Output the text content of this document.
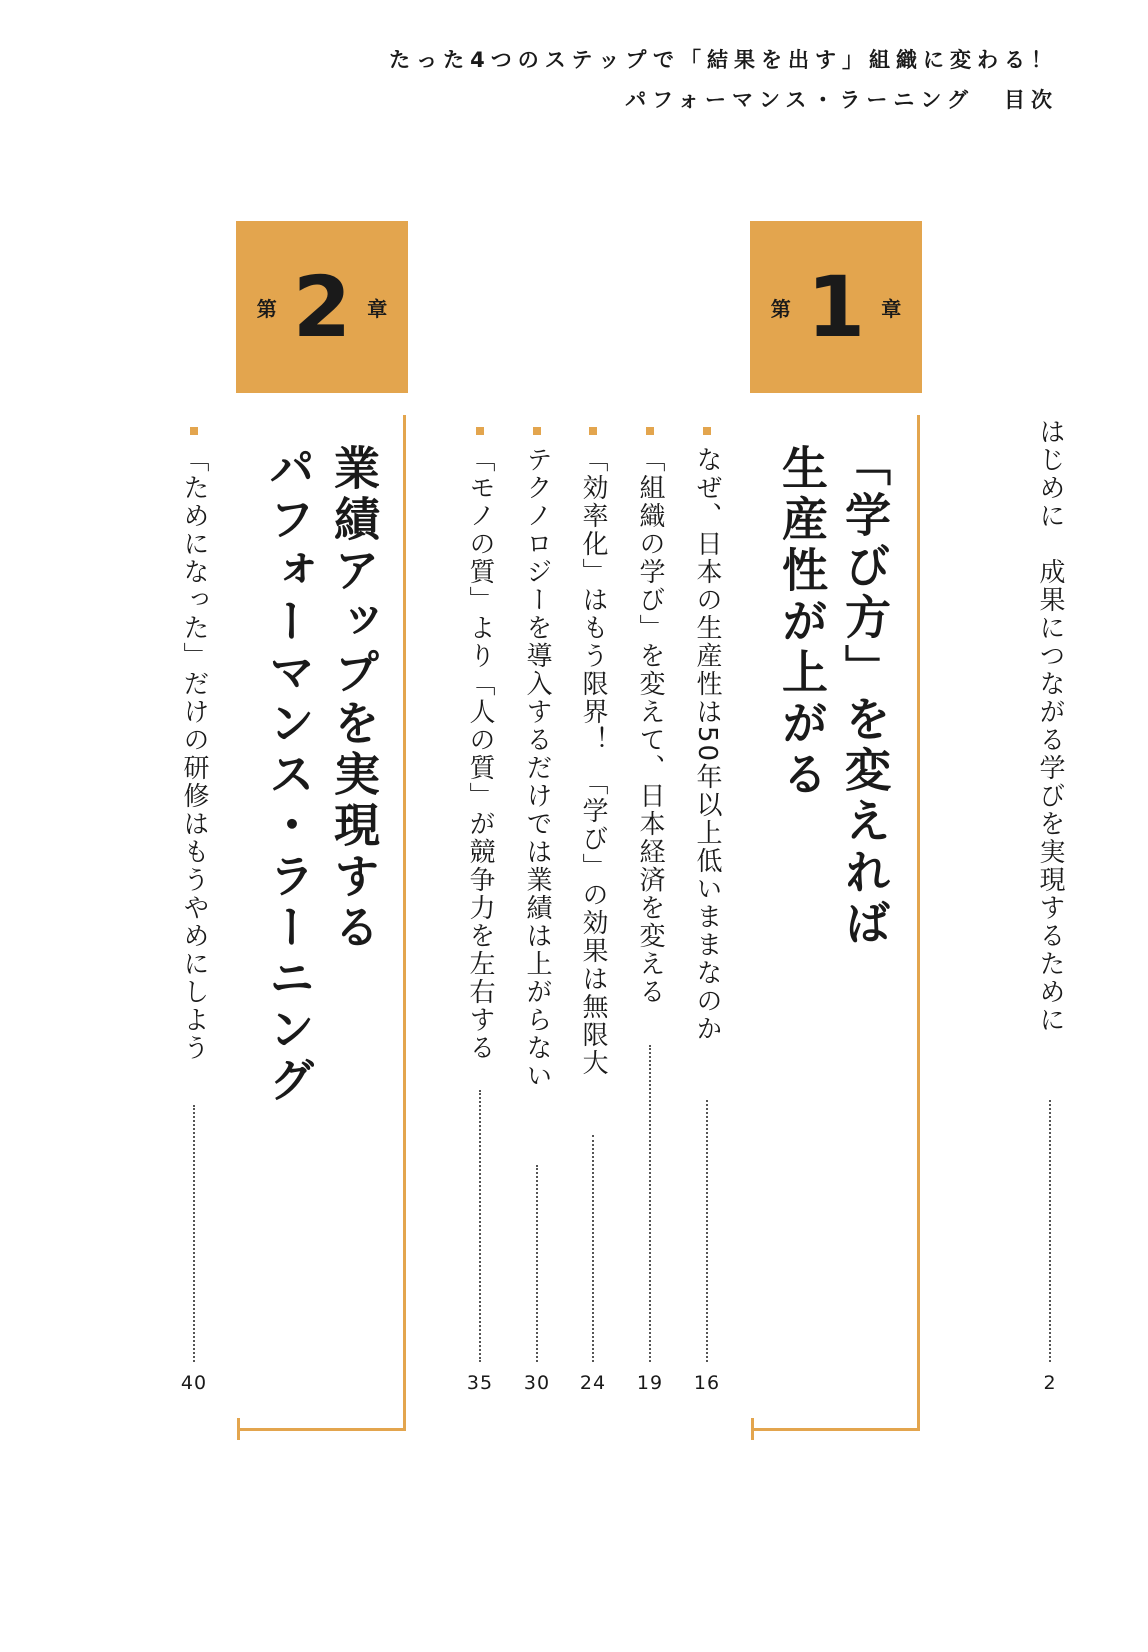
たった4つのステップで「結果を出す」組織に変わる！
パフォーマンス・ラーニング 目次
はじめに　成果につながる学びを実現するために
2
第 1 章
「学び方」を変えれば
生産性が上がる
なぜ、日本の生産性は50年以上低いままなのか
16
「組織の学び」を変えて、日本経済を変える
19
「効率化」はもう限界！　「学び」の効果は無限大
24
テクノロジーを導入するだけでは業績は上がらない
30
「モノの質」より「人の質」が競争力を左右する
35
第 2 章
業績アップを実現する
パフォーマンス・ラーニング
「ためになった」だけの研修はもうやめにしよう
40
